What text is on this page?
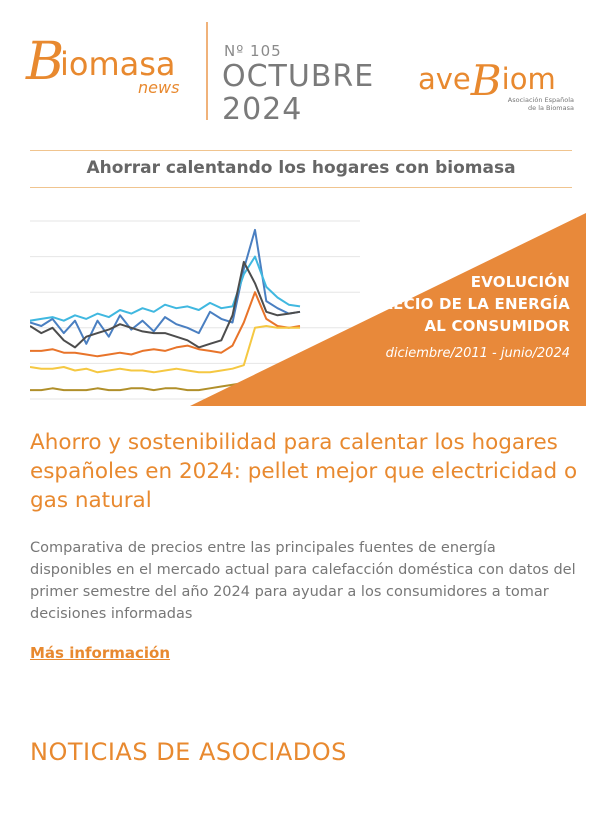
B
iomasa
news
Nº 105
OCTUBRE
2024
aveBiom
Asociación Española
de la Biomasa
Ahorrar calentando los hogares con biomasa
EVOLUCIÓN
DEL PRECIO DE LA ENERGÍA
AL CONSUMIDOR
diciembre/2011 - junio/2024
Ahorro y sostenibilidad para calentar los hogares españoles en 2024: pellet mejor que electricidad o gas natural
Comparativa de precios entre las principales fuentes de energía disponibles en el mercado actual para calefacción doméstica con datos del primer semestre del año 2024 para ayudar a los consumidores a tomar decisiones informadas
Más información
NOTICIAS DE ASOCIADOS
